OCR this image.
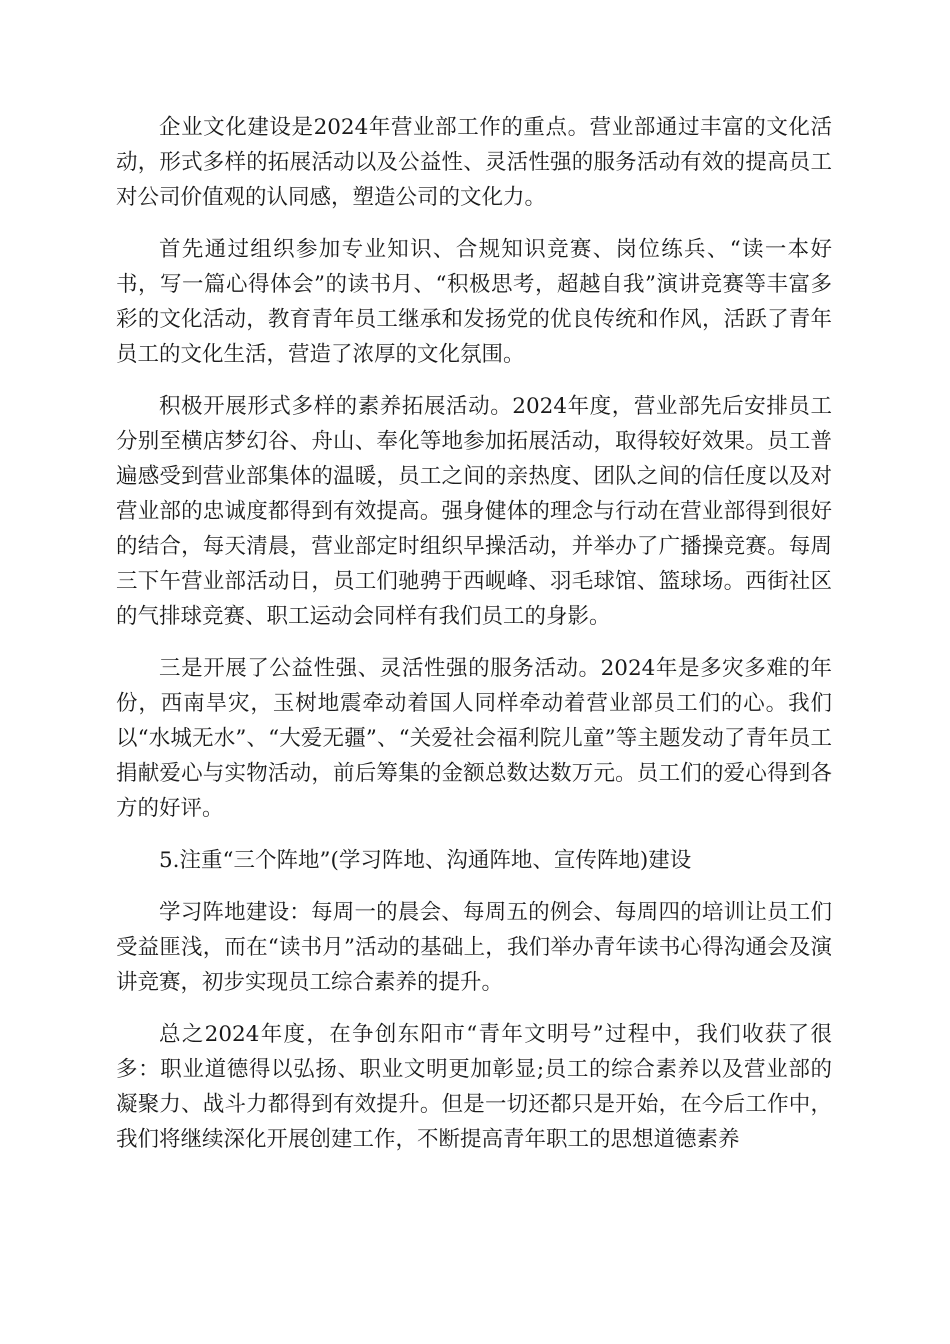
企业文化建设是2024年营业部工作的重点。营业部通过丰富的文化活动，形式多样的拓展活动以及公益性、灵活性强的服务活动有效的提高员工对公司价值观的认同感，塑造公司的文化力。

首先通过组织参加专业知识、合规知识竞赛、岗位练兵、“读一本好书，写一篇心得体会”的读书月、“积极思考，超越自我”演讲竞赛等丰富多彩的文化活动，教育青年员工继承和发扬党的优良传统和作风，活跃了青年员工的文化生活，营造了浓厚的文化氛围。

积极开展形式多样的素养拓展活动。2024年度，营业部先后安排员工分别至横店梦幻谷、舟山、奉化等地参加拓展活动，取得较好效果。员工普遍感受到营业部集体的温暖，员工之间的亲热度、团队之间的信任度以及对营业部的忠诚度都得到有效提高。强身健体的理念与行动在营业部得到很好的结合，每天清晨，营业部定时组织早操活动，并举办了广播操竞赛。每周三下午营业部活动日，员工们驰骋于西岘峰、羽毛球馆、篮球场。西街社区的气排球竞赛、职工运动会同样有我们员工的身影。

三是开展了公益性强、灵活性强的服务活动。2024年是多灾多难的年份，西南旱灾，玉树地震牵动着国人同样牵动着营业部员工们的心。我们以“水城无水”、“大爱无疆”、“关爱社会福利院儿童”等主题发动了青年员工捐献爱心与实物活动，前后筹集的金额总数达数万元。员工们的爱心得到各方的好评。

5.注重“三个阵地”(学习阵地、沟通阵地、宣传阵地)建设

学习阵地建设：每周一的晨会、每周五的例会、每周四的培训让员工们受益匪浅，而在“读书月”活动的基础上，我们举办青年读书心得沟通会及演讲竞赛，初步实现员工综合素养的提升。

总之2024年度，在争创东阳市“青年文明号”过程中，我们收获了很多：职业道德得以弘扬、职业文明更加彰显;员工的综合素养以及营业部的凝聚力、战斗力都得到有效提升。但是一切还都只是开始，在今后工作中，我们将继续深化开展创建工作，不断提高青年职工的思想道德素养
